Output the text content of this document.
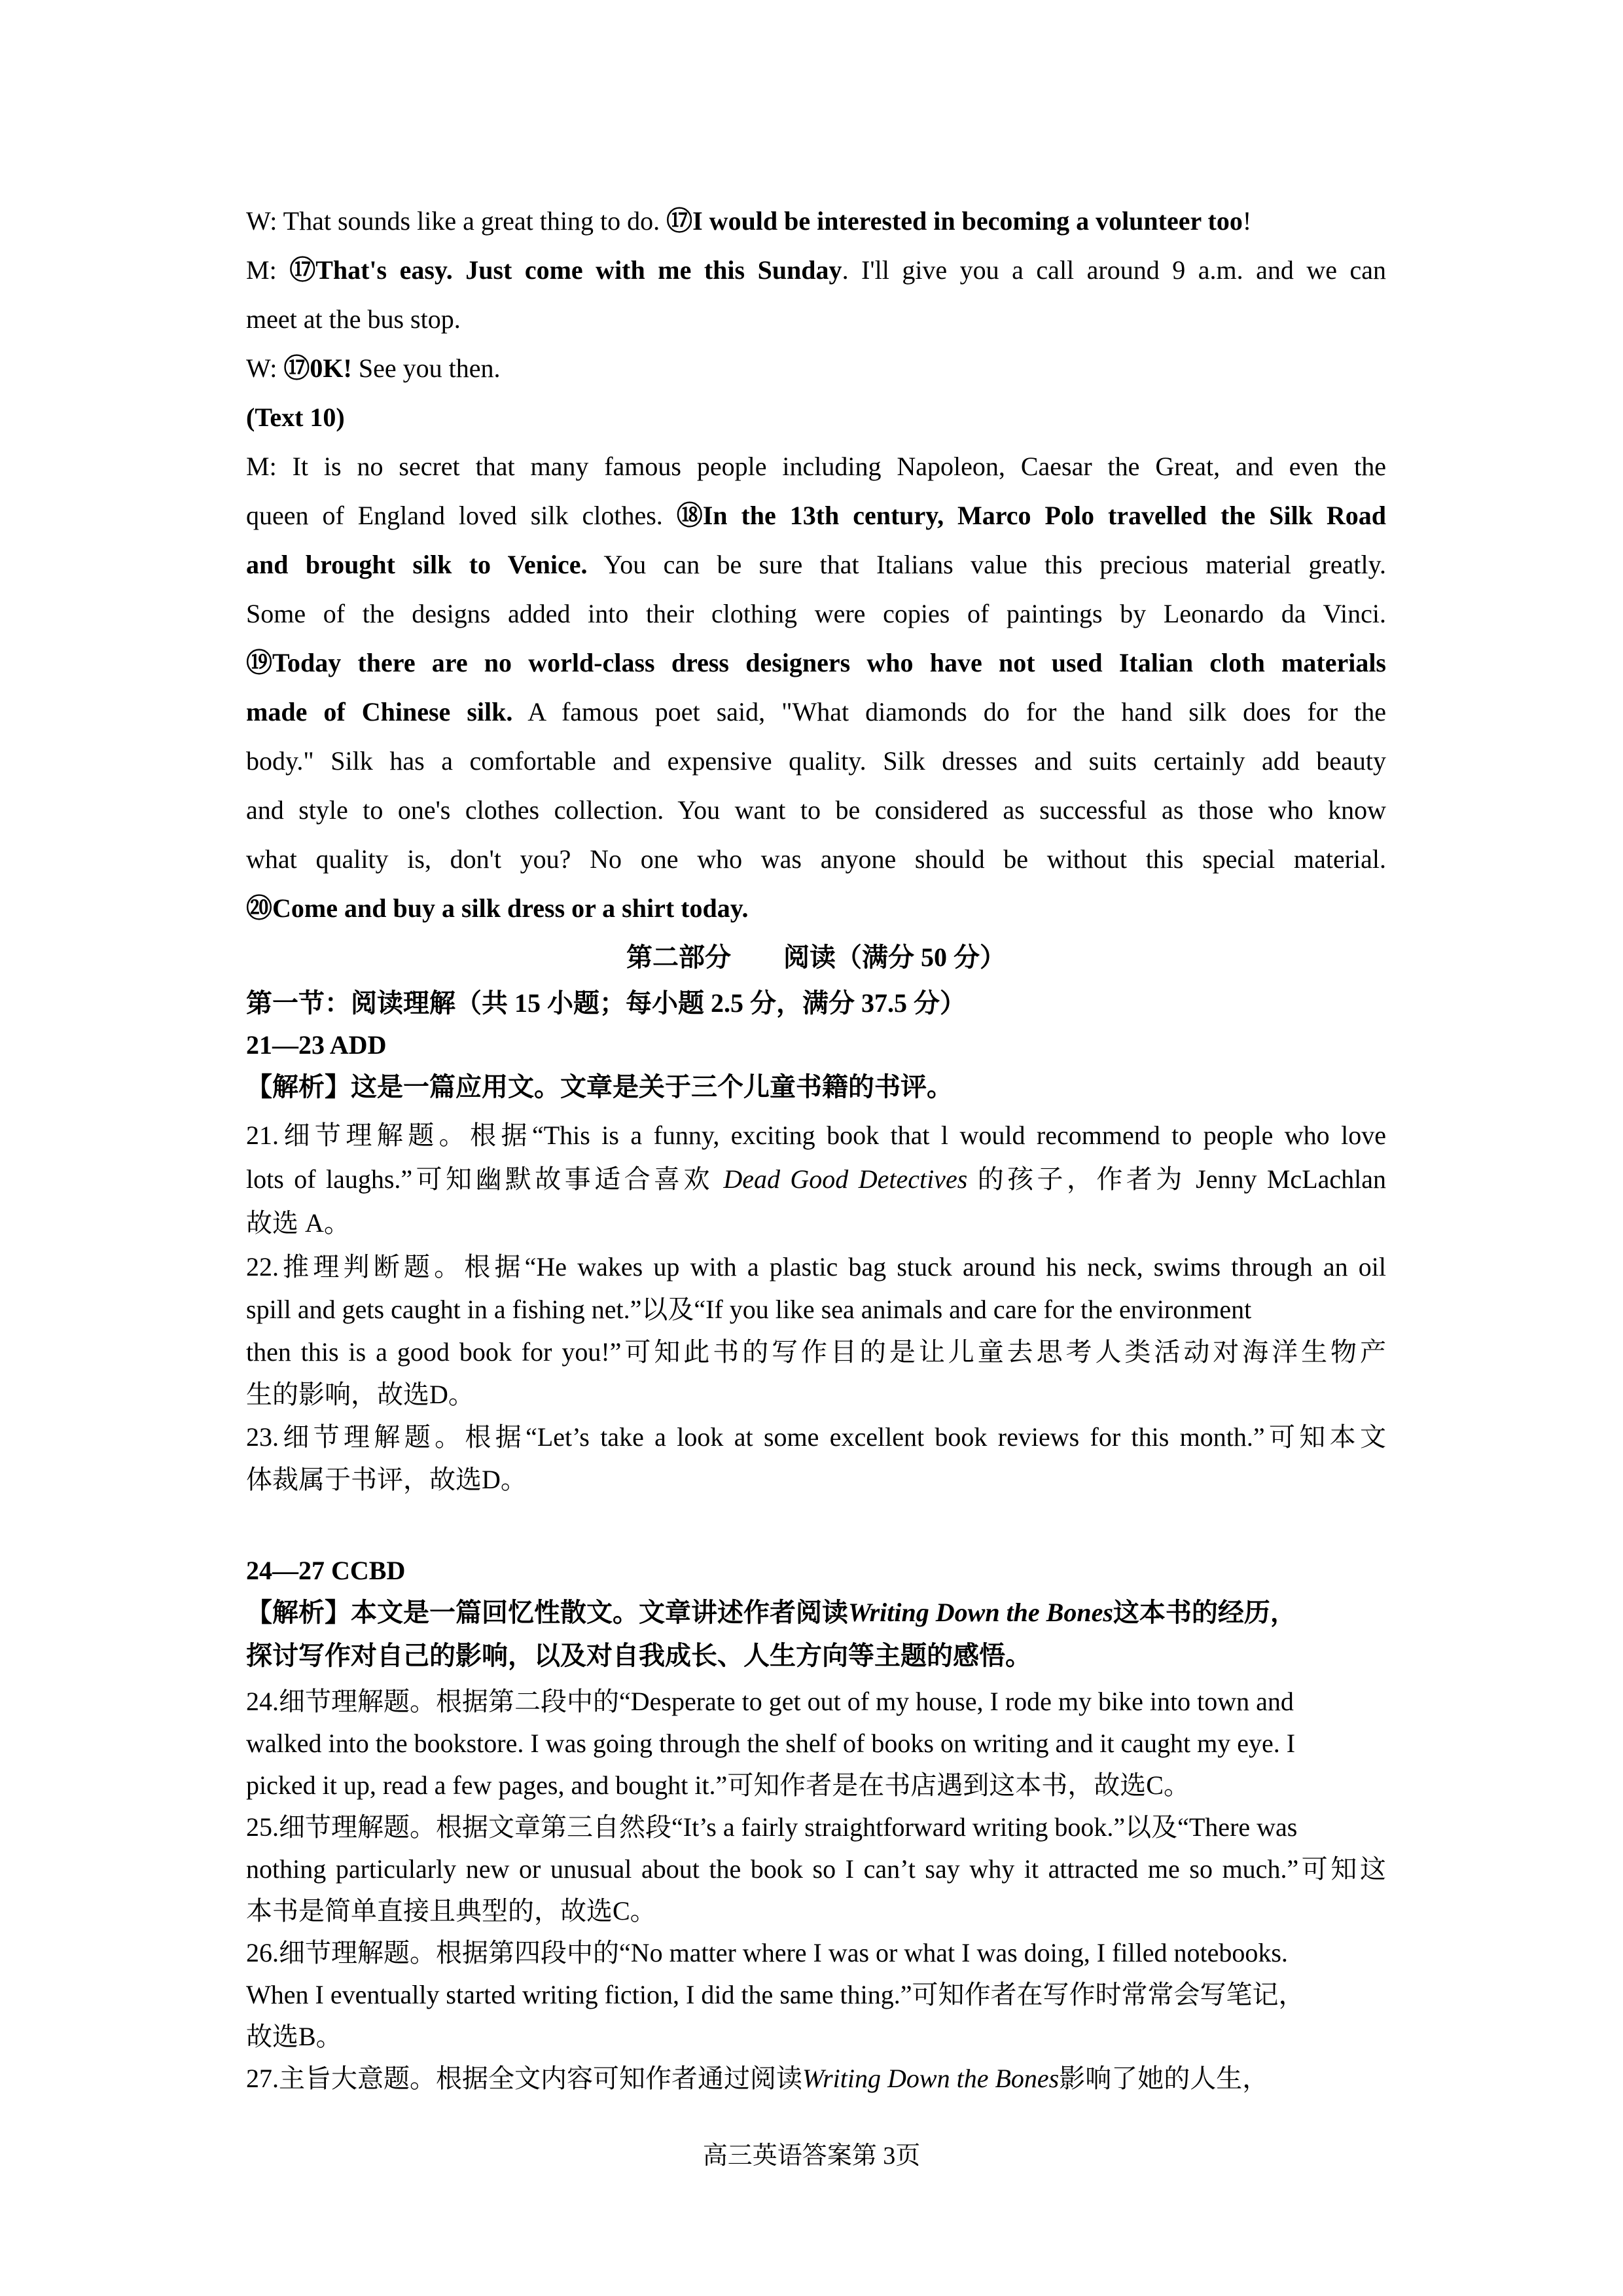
W: That sounds like a great thing to do. ⑰I would be interested in becoming a volunteer too!
M: ⑰That's easy. Just come with me this Sunday. I'll give you a call around 9 a.m. and we can
meet at the bus stop.
W: ⑰0K! See you then.
(Text 10)
M: It is no secret that many famous people including Napoleon, Caesar the Great, and even the
queen of England loved silk clothes. ⑱In the 13th century, Marco Polo travelled the Silk Road
and brought silk to Venice. You can be sure that Italians value this precious material greatly.
Some of the designs added into their clothing were copies of paintings by Leonardo da Vinci.
⑲Today there are no world-class dress designers who have not used Italian cloth materials
made of Chinese silk. A famous poet said, "What diamonds do for the hand silk does for the
body." Silk has a comfortable and expensive quality. Silk dresses and suits certainly add beauty
and style to one's clothes collection. You want to be considered as successful as those who know
what quality is, don't you? No one who was anyone should be without this special material.
⑳Come and buy a silk dress or a shirt today.
第二部分　　阅读（满分 50 分）
第一节：阅读理解（共 15 小题；每小题 2.5 分，满分 37.5 分）
21—23 ADD
【解析】这是一篇应用文。文章是关于三个儿童书籍的书评。
21.细节理解题。根据“This is a funny, exciting book that l would recommend to people who love
lots of laughs.”可知幽默故事适合喜欢 Dead Good Detectives 的孩子，作者为 Jenny McLachlan
故选 A。
22.推理判断题。根据“He wakes up with a plastic bag stuck around his neck, swims through an oil
spill and gets caught in a fishing net.”以及“If you like sea animals and care for the environment
then this is a good book for you!”可知此书的写作目的是让儿童去思考人类活动对海洋生物产
生的影响，故选D。
23.细节理解题。根据“Let’s take a look at some excellent book reviews for this month.”可知本文
体裁属于书评，故选D。
24—27 CCBD
【解析】本文是一篇回忆性散文。文章讲述作者阅读Writing Down the Bones这本书的经历，
探讨写作对自己的影响，以及对自我成长、人生方向等主题的感悟。
24.细节理解题。根据第二段中的“Desperate to get out of my house, I rode my bike into town and
walked into the bookstore. I was going through the shelf of books on writing and it caught my eye. I
picked it up, read a few pages, and bought it.”可知作者是在书店遇到这本书，故选C。
25.细节理解题。根据文章第三自然段“It’s a fairly straightforward writing book.”以及“There was
nothing particularly new or unusual about the book so I can’t say why it attracted me so much.”可知这
本书是简单直接且典型的，故选C。
26.细节理解题。根据第四段中的“No matter where I was or what I was doing, I filled notebooks.
When I eventually started writing fiction, I did the same thing.”可知作者在写作时常常会写笔记，
故选B。
27.主旨大意题。根据全文内容可知作者通过阅读Writing Down the Bones影响了她的人生，
高三英语答案第 3页
